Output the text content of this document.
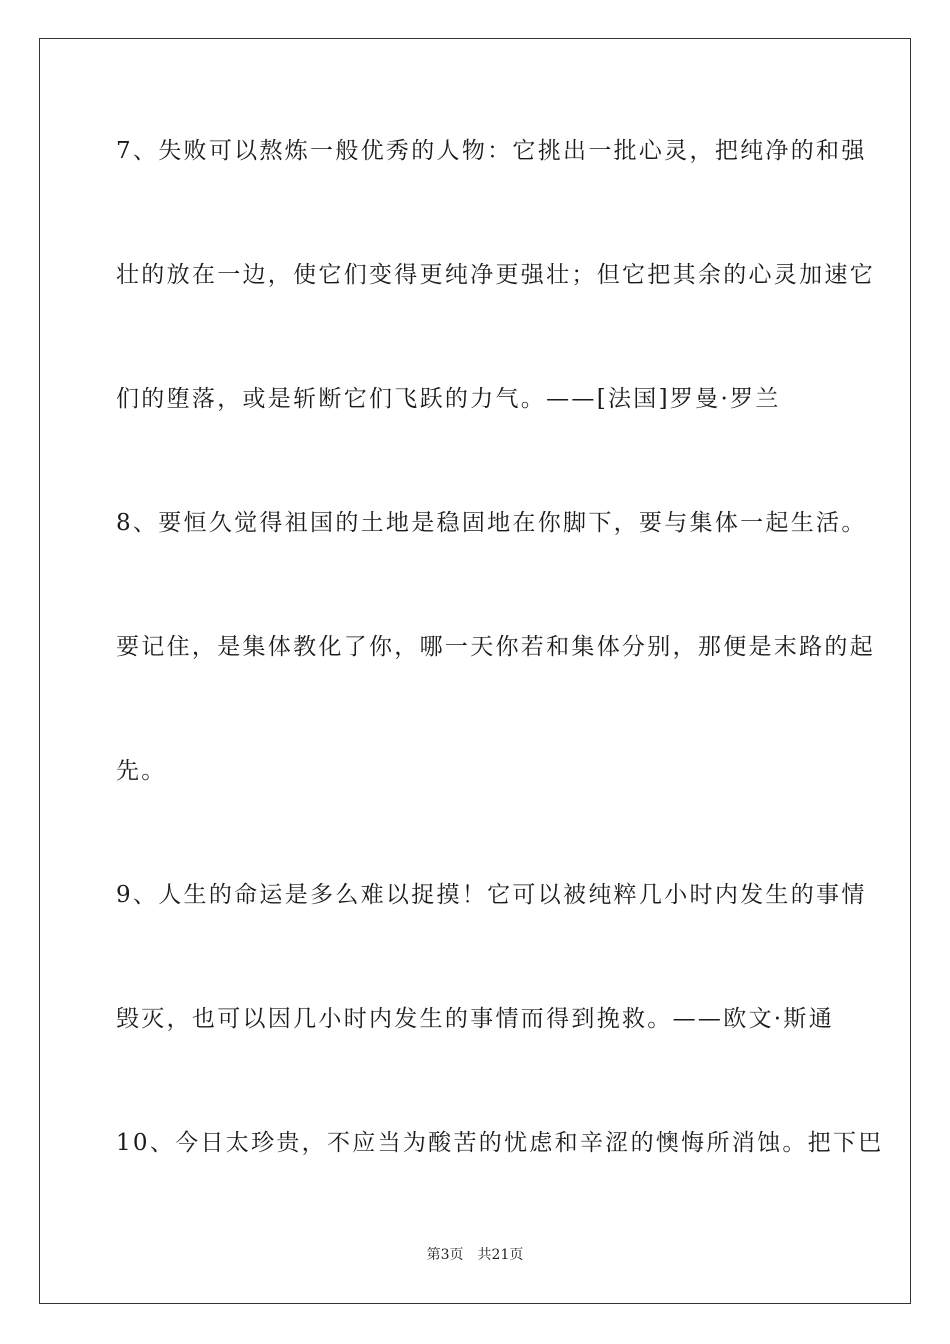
7、失败可以熬炼一般优秀的人物：它挑出一批心灵，把纯净的和强
壮的放在一边，使它们变得更纯净更强壮；但它把其余的心灵加速它
们的堕落，或是斩断它们飞跃的力气。——[法国]罗曼·罗兰
8、要恒久觉得祖国的土地是稳固地在你脚下，要与集体一起生活。
要记住，是集体教化了你，哪一天你若和集体分别，那便是末路的起
先。
9、人生的命运是多么难以捉摸！它可以被纯粹几小时内发生的事情
毁灭，也可以因几小时内发生的事情而得到挽救。——欧文·斯通
10、今日太珍贵，不应当为酸苦的忧虑和辛涩的懊悔所消蚀。把下巴
第3页 共21页
